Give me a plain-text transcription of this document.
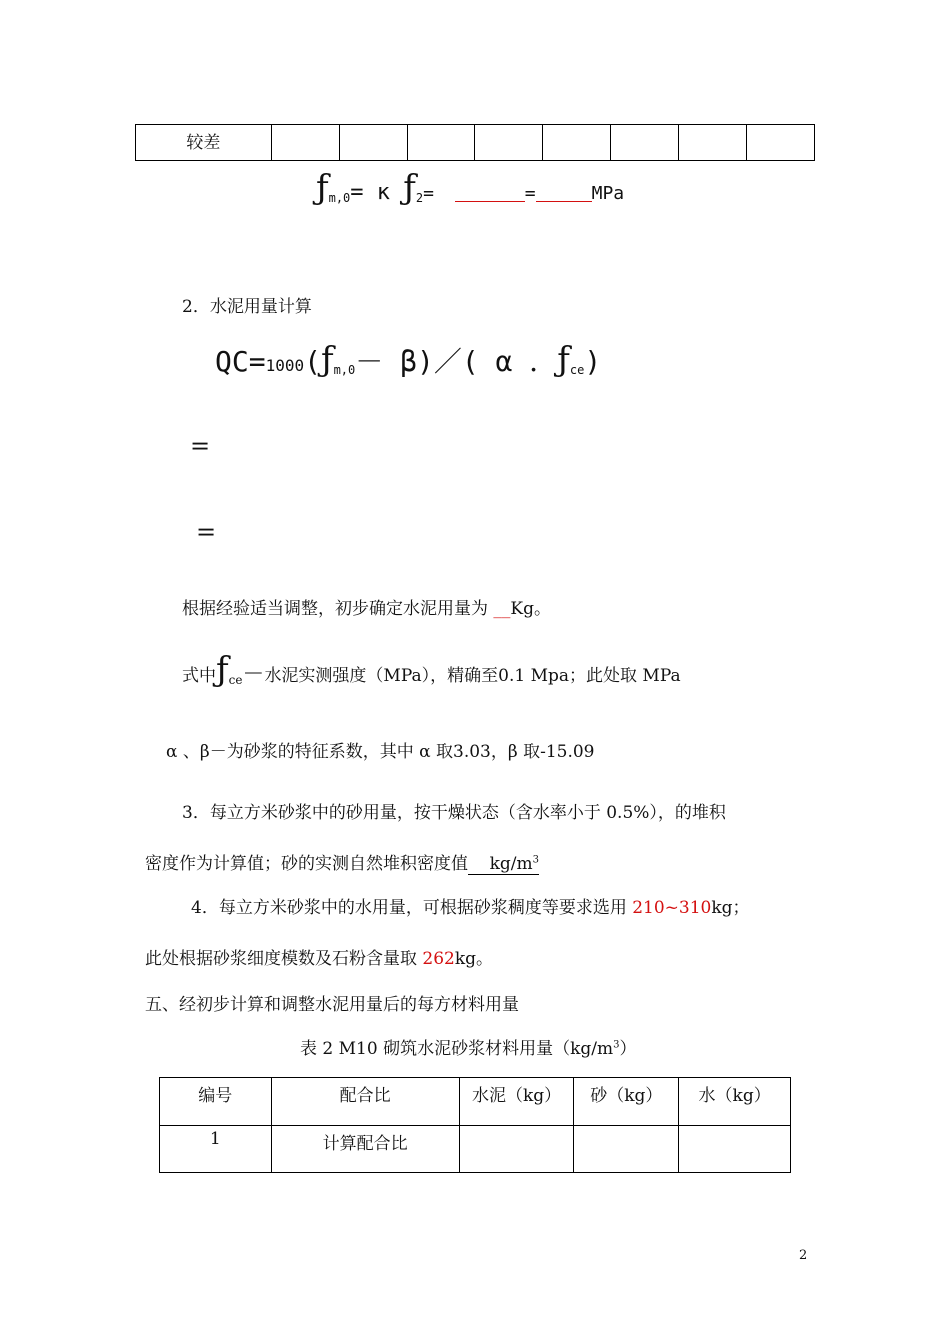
较差								
$ƒ_{m,0}= \kappa$ $ƒ_2=$	=	MPa
2．水泥用量计算
$QC=1000(ƒ_{m,0}-$ β)／( α ．$ƒ_{ce}$)
=
=
根据经验适当调整，初步确定水泥用量为 __Kg。
式中$ƒ_{ce}-$水泥实测强度（MPa），精确至0.1 Mpa；此处取 MPa
α 、β－为砂浆的特征系数，其中 α 取3.03，β 取-15.09
3．每立方米砂浆中的砂用量，按干燥状态（含水率小于 0.5%），的堆积
密度作为计算值；砂的实测自然堆积密度值    $kg/m^3$
4．每立方米砂浆中的水用量，可根据砂浆稠度等要求选用 210~310kg；
此处根据砂浆细度模数及石粉含量取 262kg。
五、经初步计算和调整水泥用量后的每方材料用量
表 2 M10 砌筑水泥砂浆材料用量$(kg/m^3)$
编号	配合比	水泥（kg）	砂（kg）	水（kg）
1	计算配合比			
2
